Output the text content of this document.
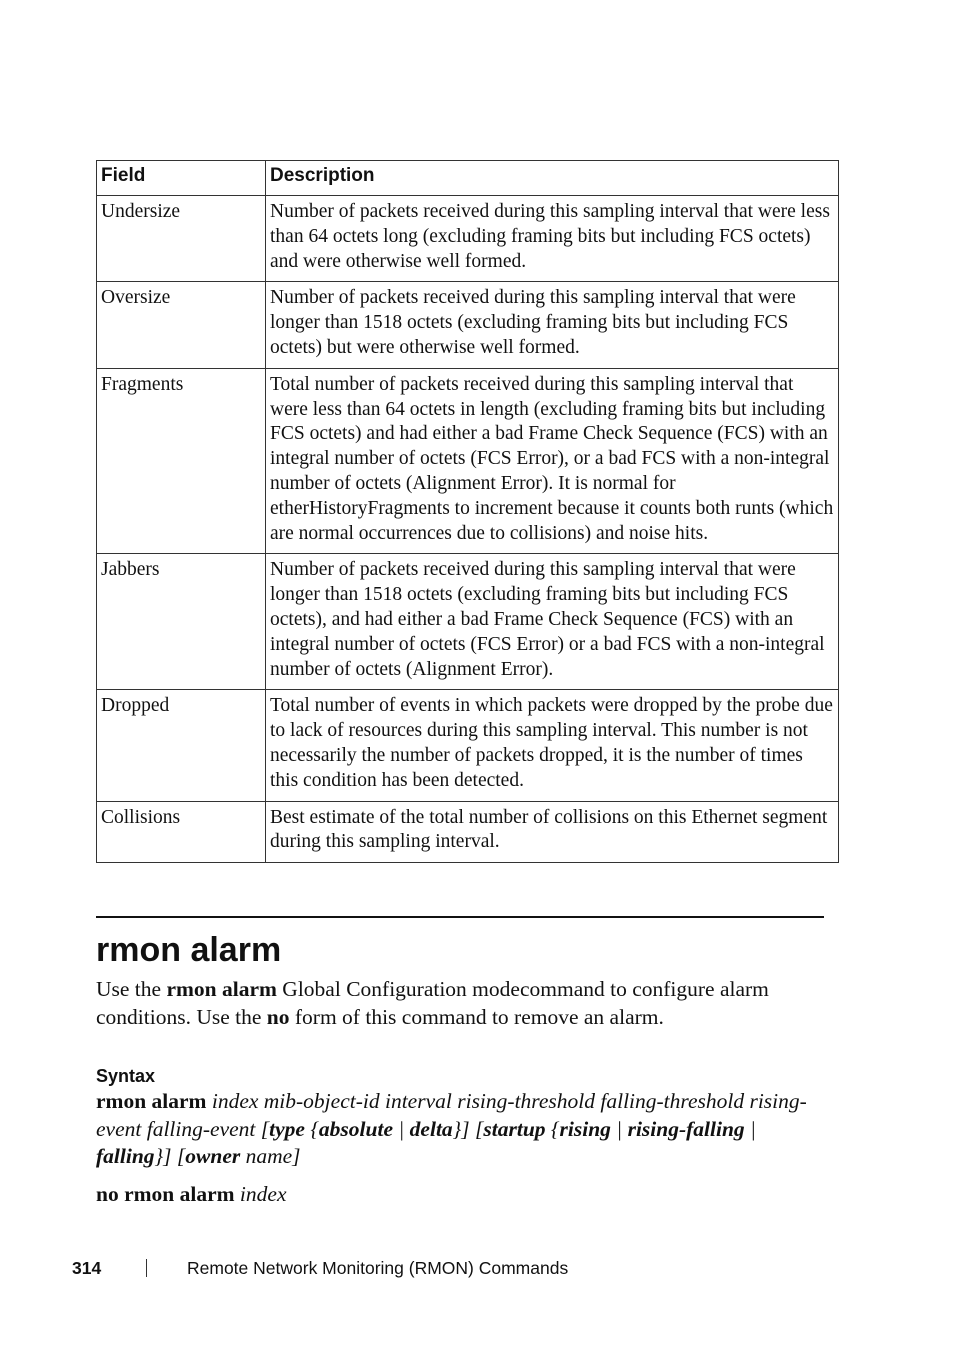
Field	Description
Undersize	Number of packets received during this sampling interval that were less than 64 octets long (excluding framing bits but including FCS octets) and were otherwise well formed.
Oversize	Number of packets received during this sampling interval that were longer than 1518 octets (excluding framing bits but including FCS octets) but were otherwise well formed.
Fragments	Total number of packets received during this sampling interval that were less than 64 octets in length (excluding framing bits but including FCS octets) and had either a bad Frame Check Sequence (FCS) with an integral number of octets (FCS Error), or a bad FCS with a non-integral number of octets (Alignment Error). It is normal for etherHistoryFragments to increment because it counts both runts (which are normal occurrences due to collisions) and noise hits.
Jabbers	Number of packets received during this sampling interval that were longer than 1518 octets (excluding framing bits but including FCS octets), and had either a bad Frame Check Sequence (FCS) with an integral number of octets (FCS Error) or a bad FCS with a non-integral number of octets (Alignment Error).
Dropped	Total number of events in which packets were dropped by the probe due to lack of resources during this sampling interval. This number is not necessarily the number of packets dropped, it is the number of times this condition has been detected.
Collisions	Best estimate of the total number of collisions on this Ethernet segment during this sampling interval.
rmon alarm

Use the rmon alarm Global Configuration modecommand to configure alarm conditions. Use the no form of this command to remove an alarm.

Syntax

rmon alarm index mib-object-id interval rising-threshold falling-threshold rising-event falling-event [type {absolute | delta}] [startup {rising | rising-falling | falling}] [owner name]

no rmon alarm index

314	Remote Network Monitoring (RMON) Commands
